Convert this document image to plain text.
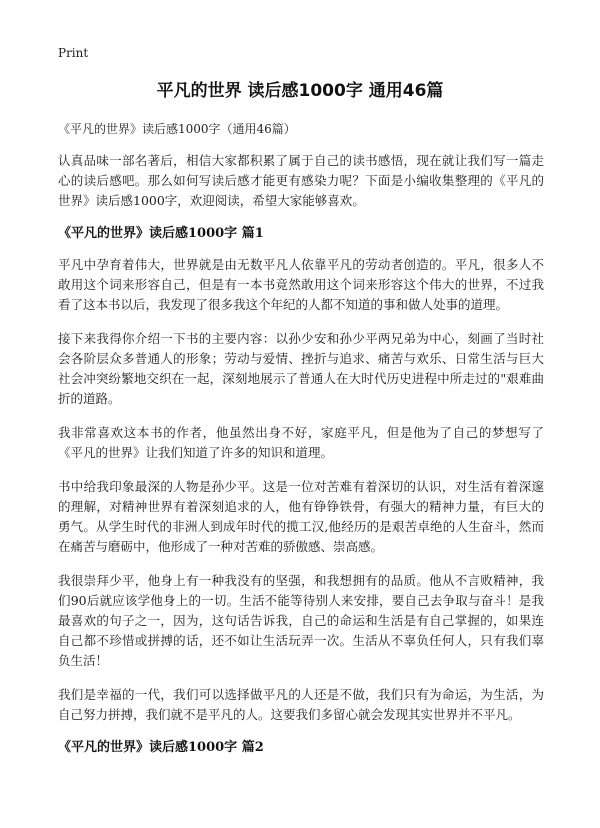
Print
平凡的世界 读后感1000字 通用46篇
《平凡的世界》读后感1000字（通用46篇）
认真品味一部名著后，相信大家都积累了属于自己的读书感悟，现在就让我们写一篇走心的读后感吧。那么如何写读后感才能更有感染力呢？下面是小编收集整理的《平凡的世界》读后感1000字，欢迎阅读，希望大家能够喜欢。
《平凡的世界》读后感1000字 篇1
平凡中孕育着伟大，世界就是由无数平凡人依靠平凡的劳动者创造的。平凡，很多人不敢用这个词来形容自己，但是有一本书竟然敢用这个词来形容这个伟大的世界，不过我看了这本书以后，我发现了很多我这个年纪的人都不知道的事和做人处事的道理。
接下来我得你介绍一下书的主要内容：以孙少安和孙少平两兄弟为中心，刻画了当时社会各阶层众多普通人的形象；劳动与爱情、挫折与追求、痛苦与欢乐、日常生活与巨大社会冲突纷繁地交织在一起，深刻地展示了普通人在大时代历史进程中所走过的"艰难曲折的道路。
我非常喜欢这本书的作者，他虽然出身不好，家庭平凡，但是他为了自己的梦想写了《平凡的世界》让我们知道了许多的知识和道理。
书中给我印象最深的人物是孙少平。这是一位对苦难有着深切的认识，对生活有着深邃的理解，对精神世界有着深刻追求的人，他有铮铮铁骨，有强大的精神力量，有巨大的勇气。从学生时代的非洲人到成年时代的揽工汉,他经历的是艰苦卓绝的人生奋斗，然而在痛苦与磨砺中，他形成了一种对苦难的骄傲感、崇高感。
我很崇拜少平，他身上有一种我没有的坚强，和我想拥有的品质。他从不言败精神，我们90后就应该学他身上的一切。生活不能等待别人来安排，要自己去争取与奋斗！是我最喜欢的句子之一，因为，这句话告诉我，自己的命运和生活是有自己掌握的，如果连自己都不珍惜或拼搏的话，还不如让生活玩弄一次。生活从不辜负任何人，只有我们辜负生活！
我们是幸福的一代，我们可以选择做平凡的人还是不做，我们只有为命运，为生活，为自己努力拼搏，我们就不是平凡的人。这要我们多留心就会发现其实世界并不平凡。
《平凡的世界》读后感1000字 篇2
